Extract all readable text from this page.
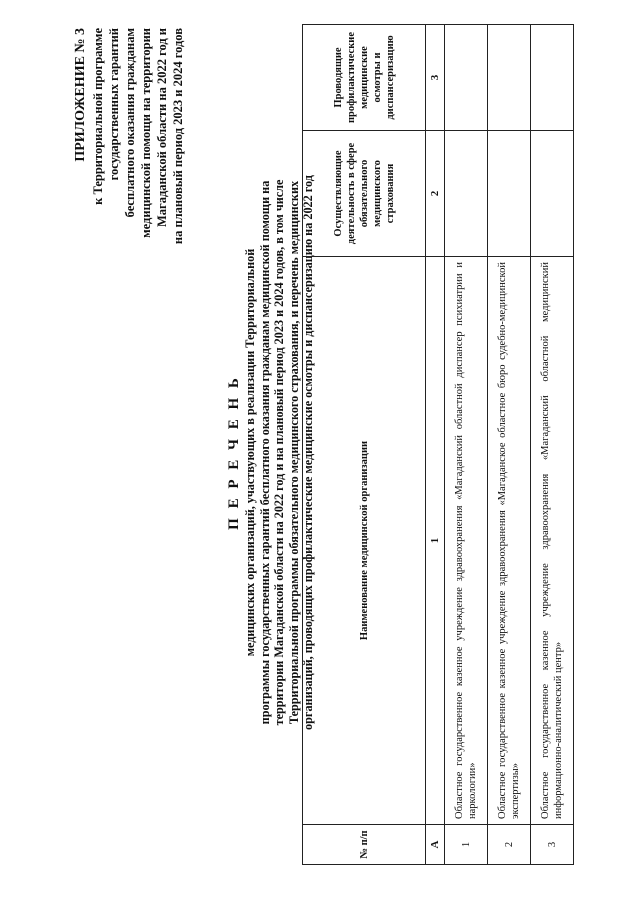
ПРИЛОЖЕНИЕ № 3 к Территориальной программе государственных гарантий бесплатного оказания гражданам медицинской помощи на территории Магаданской области на 2022 год и на плановый период 2023 и 2024 годов
П Е Р Е Ч Е Н Ь медицинских организаций, участвующих в реализации Территориальной программы государственных гарантий бесплатного оказания гражданам медицинской помощи на территории Магаданской области на 2022 год и на плановый период 2023 и 2024 годов, в том числе Территориальной программы обязательного медицинского страхования, и перечень медицинских организаций, проводящих профилактические медицинские осмотры и диспансеризацию на 2022 год
№ п/п	Наименование медицинской организации	Осуществляющие деятельность в сфере обязательного медицинского страхования	Проводящие профилактические медицинские осмотры и диспансеризацию
А	1	2	3
1	Областное государственное казенное учреждение здравоохранения «Магаданский областной диспансер психиатрии и наркологии»		
2	Областное государственное казенное учреждение здравоохранения «Магаданское областное бюро судебно-медицинской экспертизы»		
3	Областное государственное казенное учреждение здравоохранения «Магаданский областной медицинский информационно-аналитический центр»		
